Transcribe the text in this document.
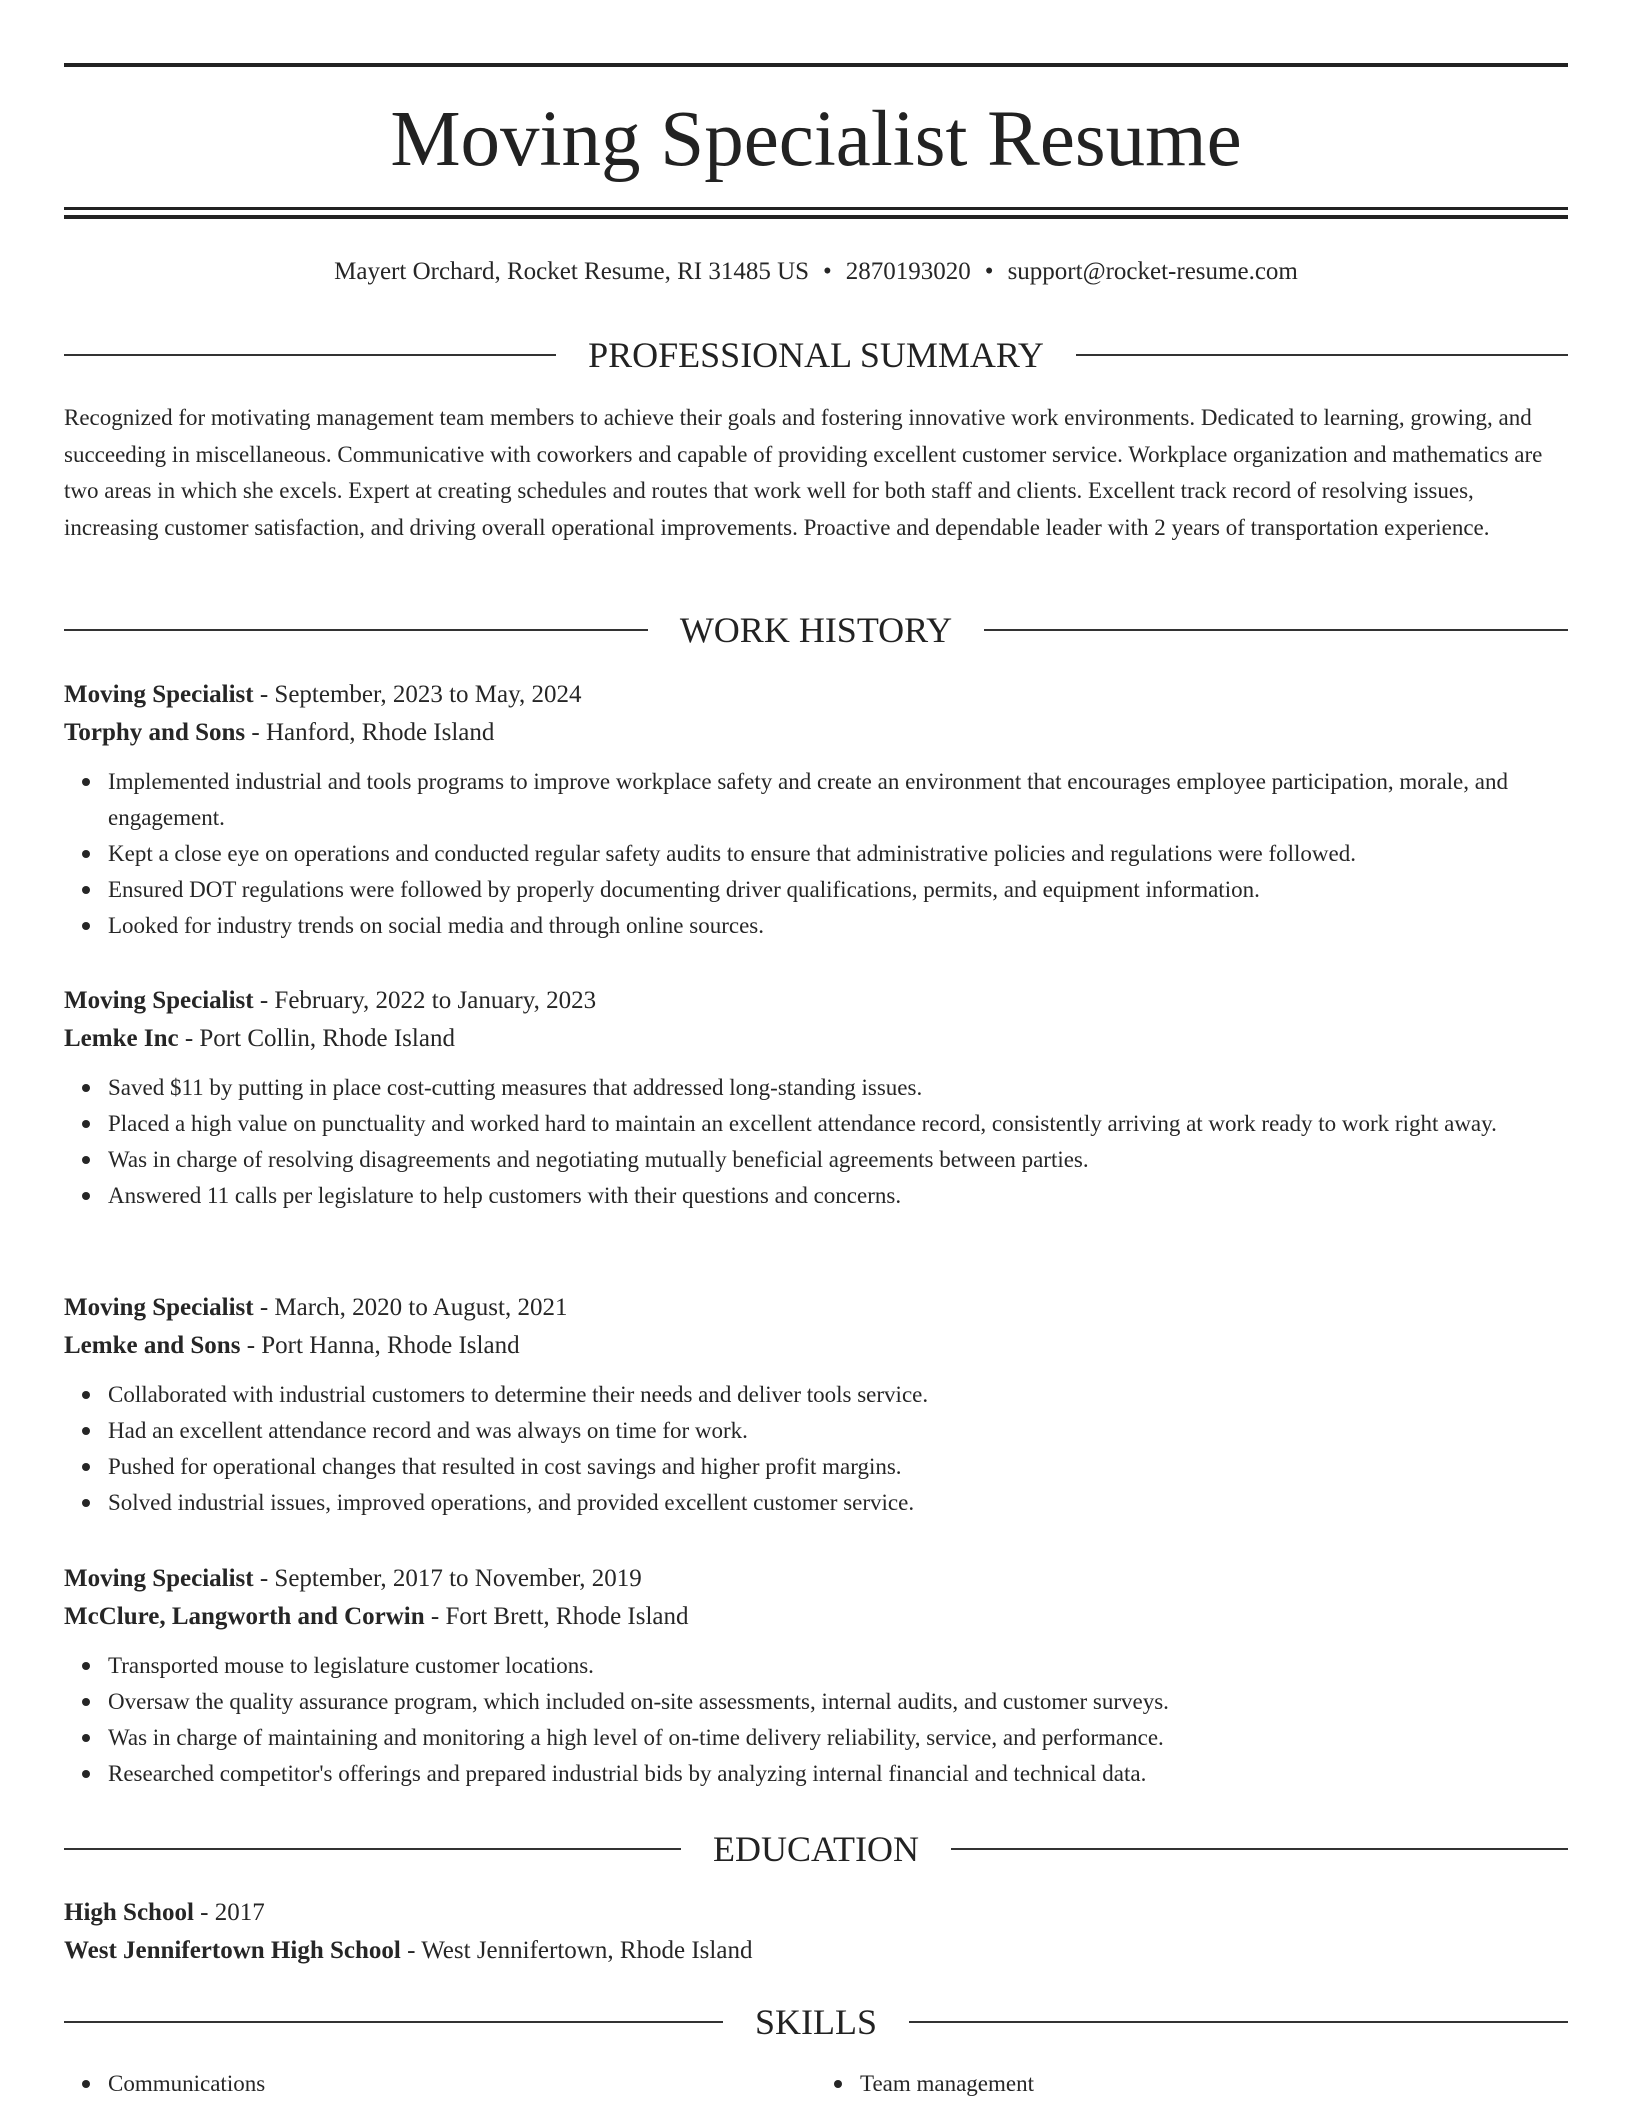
Moving Specialist Resume
Mayert Orchard, Rocket Resume, RI 31485 US • 2870193020 • support@rocket-resume.com
PROFESSIONAL SUMMARY

Recognized for motivating management team members to achieve their goals and fostering innovative work environments. Dedicated to learning, growing, and succeeding in miscellaneous. Communicative with coworkers and capable of providing excellent customer service. Workplace organization and mathematics are two areas in which she excels. Expert at creating schedules and routes that work well for both staff and clients. Excellent track record of resolving issues, increasing customer satisfaction, and driving overall operational improvements. Proactive and dependable leader with 2 years of transportation experience.

WORK HISTORY
Moving Specialist - September, 2023 to May, 2024
Torphy and Sons - Hanford, Rhode Island
Implemented industrial and tools programs to improve workplace safety and create an environment that encourages employee participation, morale, and engagement.
Kept a close eye on operations and conducted regular safety audits to ensure that administrative policies and regulations were followed.
Ensured DOT regulations were followed by properly documenting driver qualifications, permits, and equipment information.
Looked for industry trends on social media and through online sources.
Moving Specialist - February, 2022 to January, 2023
Lemke Inc - Port Collin, Rhode Island
Saved $11 by putting in place cost-cutting measures that addressed long-standing issues.
Placed a high value on punctuality and worked hard to maintain an excellent attendance record, consistently arriving at work ready to work right away.
Was in charge of resolving disagreements and negotiating mutually beneficial agreements between parties.
Answered 11 calls per legislature to help customers with their questions and concerns.
Moving Specialist - March, 2020 to August, 2021
Lemke and Sons - Port Hanna, Rhode Island
Collaborated with industrial customers to determine their needs and deliver tools service.
Had an excellent attendance record and was always on time for work.
Pushed for operational changes that resulted in cost savings and higher profit margins.
Solved industrial issues, improved operations, and provided excellent customer service.
Moving Specialist - September, 2017 to November, 2019
McClure, Langworth and Corwin - Fort Brett, Rhode Island
Transported mouse to legislature customer locations.
Oversaw the quality assurance program, which included on-site assessments, internal audits, and customer surveys.
Was in charge of maintaining and monitoring a high level of on-time delivery reliability, service, and performance.
Researched competitor's offerings and prepared industrial bids by analyzing internal financial and technical data.
EDUCATION
High School - 2017
West Jennifertown High School - West Jennifertown, Rhode Island
SKILLS
Communications	Team management
